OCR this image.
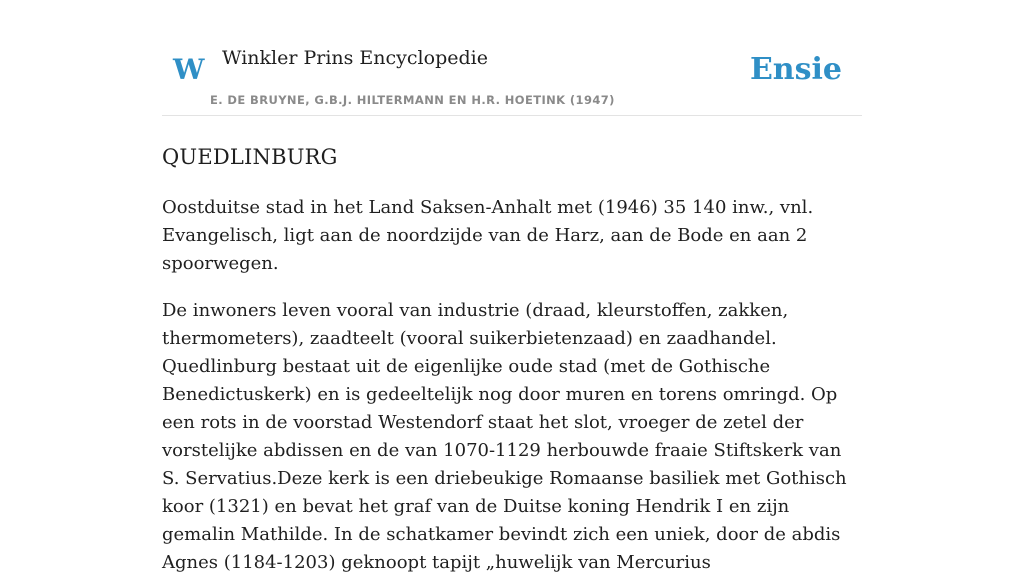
W Winkler Prins Encyclopedie
E. DE BRUYNE, G.B.J. HILTERMANN EN H.R. HOETINK (1947)
Ensie
QUEDLINBURG

Oostduitse stad in het Land Saksen-Anhalt met (1946) 35 140 inw., vnl. Evangelisch, ligt aan de noordzijde van de Harz, aan de Bode en aan 2 spoorwegen.

De inwoners leven vooral van industrie (draad, kleurstoffen, zakken, thermometers), zaadteelt (vooral suikerbietenzaad) en zaadhandel. Quedlinburg bestaat uit de eigenlijke oude stad (met de Gothische Benedictuskerk) en is gedeeltelijk nog door muren en torens omringd. Op een rots in de voorstad Westendorf staat het slot, vroeger de zetel der vorstelijke abdissen en de van 1070-1129 herbouwde fraaie Stiftskerk van S. Servatius.Deze kerk is een driebeukige Romaanse basiliek met Gothisch koor (1321) en bevat het graf van de Duitse koning Hendrik I en zijn gemalin Mathilde. In de schatkamer bevindt zich een uniek, door de abdis Agnes (1184-1203) geknoopt tapijt „huwelijk van Mercurius
